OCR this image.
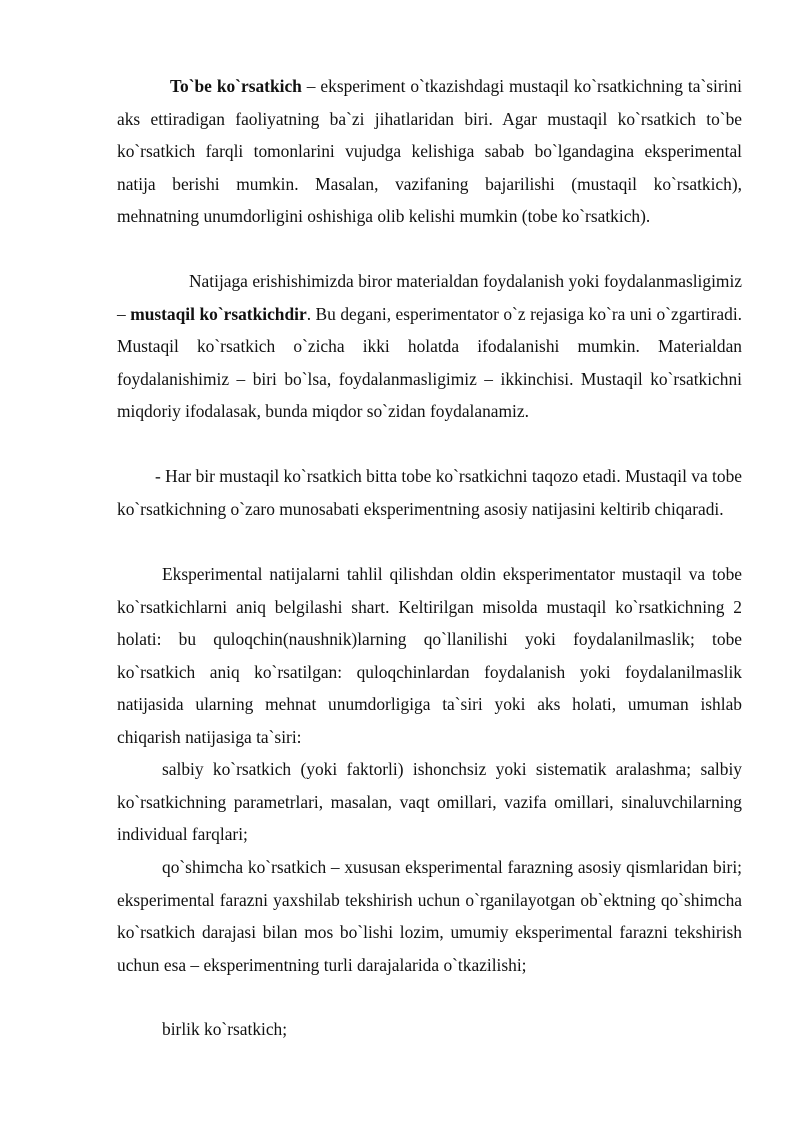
To`be ko`rsatkich – eksperiment o`tkazishdagi mustaqil ko`rsatkichning ta`sirini aks ettiradigan faoliyatning ba`zi jihatlaridan biri. Agar mustaqil ko`rsatkich to`be ko`rsatkich farqli tomonlarini vujudga kelishiga sabab bo`lgandagina eksperimental natija berishi mumkin. Masalan, vazifaning bajarilishi (mustaqil ko`rsatkich), mehnatning unumdorligini oshishiga olib kelishi mumkin (tobe ko`rsatkich).

Natijaga erishishimizda biror materialdan foydalanish yoki foydalanmasligimiz – mustaqil ko`rsatkichdir. Bu degani, esperimentator o`z rejasiga ko`ra uni o`zgartiradi. Mustaqil ko`rsatkich o`zicha ikki holatda ifodalanishi mumkin. Materialdan foydalanishimiz – biri bo`lsa, foydalanmasligimiz – ikkinchisi. Mustaqil ko`rsatkichni miqdoriy ifodalasak, bunda miqdor so`zidan foydalanamiz.

- Har bir mustaqil ko`rsatkich bitta tobe ko`rsatkichni taqozo etadi. Mustaqil va tobe ko`rsatkichning o`zaro munosabati eksperimentning asosiy natijasini keltirib chiqaradi.

Eksperimental natijalarni tahlil qilishdan oldin eksperimentator mustaqil va tobe ko`rsatkichlarni aniq belgilashi shart. Keltirilgan misolda mustaqil ko`rsatkichning 2 holati: bu quloqchin(naushnik)larning qo`llanilishi yoki foydalanilmaslik; tobe ko`rsatkich aniq ko`rsatilgan: quloqchinlardan foydalanish yoki foydalanilmaslik natijasida ularning mehnat unumdorligiga ta`siri yoki aks holati, umuman ishlab chiqarish natijasiga ta`siri:

salbiy ko`rsatkich (yoki faktorli) ishonchsiz yoki sistematik aralashma; salbiy ko`rsatkichning parametrlari, masalan, vaqt omillari, vazifa omillari, sinaluvchilarning individual farqlari;

qo`shimcha ko`rsatkich – xususan eksperimental farazning asosiy qismlaridan biri; eksperimental farazni yaxshilab tekshirish uchun o`rganilayotgan ob`ektning qo`shimcha ko`rsatkich darajasi bilan mos bo`lishi lozim, umumiy eksperimental farazni tekshirish uchun esa – eksperimentning turli darajalarida o`tkazilishi;

birlik ko`rsatkich;
